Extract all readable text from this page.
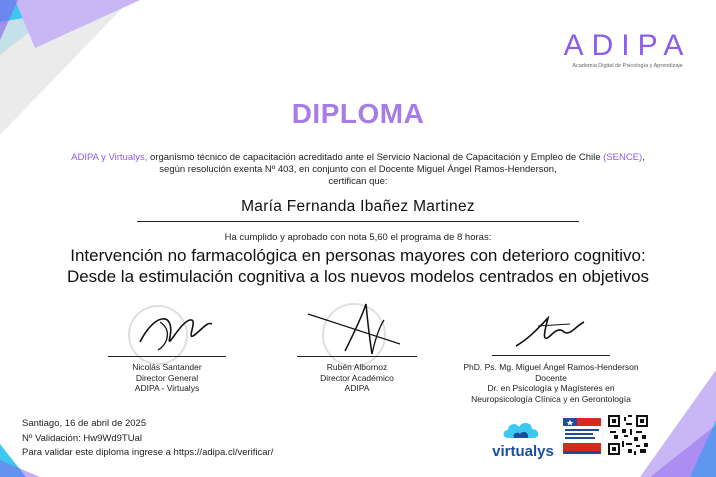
ADIPA
Academia Digital de Psicología y Aprendizaje
DIPLOMA
ADIPA y Virtualys, organismo técnico de capacitación acreditado ante el Servicio Nacional de Capacitación y Empleo de Chile (SENCE), según resolución exenta Nº 403, en conjunto con el Docente Miguel Ángel Ramos-Henderson,
certifican que:
María Fernanda Ibañez Martinez
Ha cumplido y aprobado con nota 5,60 el programa de 8 horas:
Intervención no farmacológica en personas mayores con deterioro cognitivo:
Desde la estimulación cognitiva a los nuevos modelos centrados en objetivos
Nicolás Santander
Director General
ADIPA - Virtualys
Rubén Albornoz
Director Académico
ADIPA
PhD. Ps. Mg. Miguel Ángel Ramos-Henderson
Docente
Dr. en Psicología y Magísteres en
Neuropsicología Clínica y en Gerontología
Santiago, 16 de abril de 2025
Nº Validación: Hw9Wd9TUal
Para validar este diploma ingrese a https://adipa.cl/verificar/	virtualys
